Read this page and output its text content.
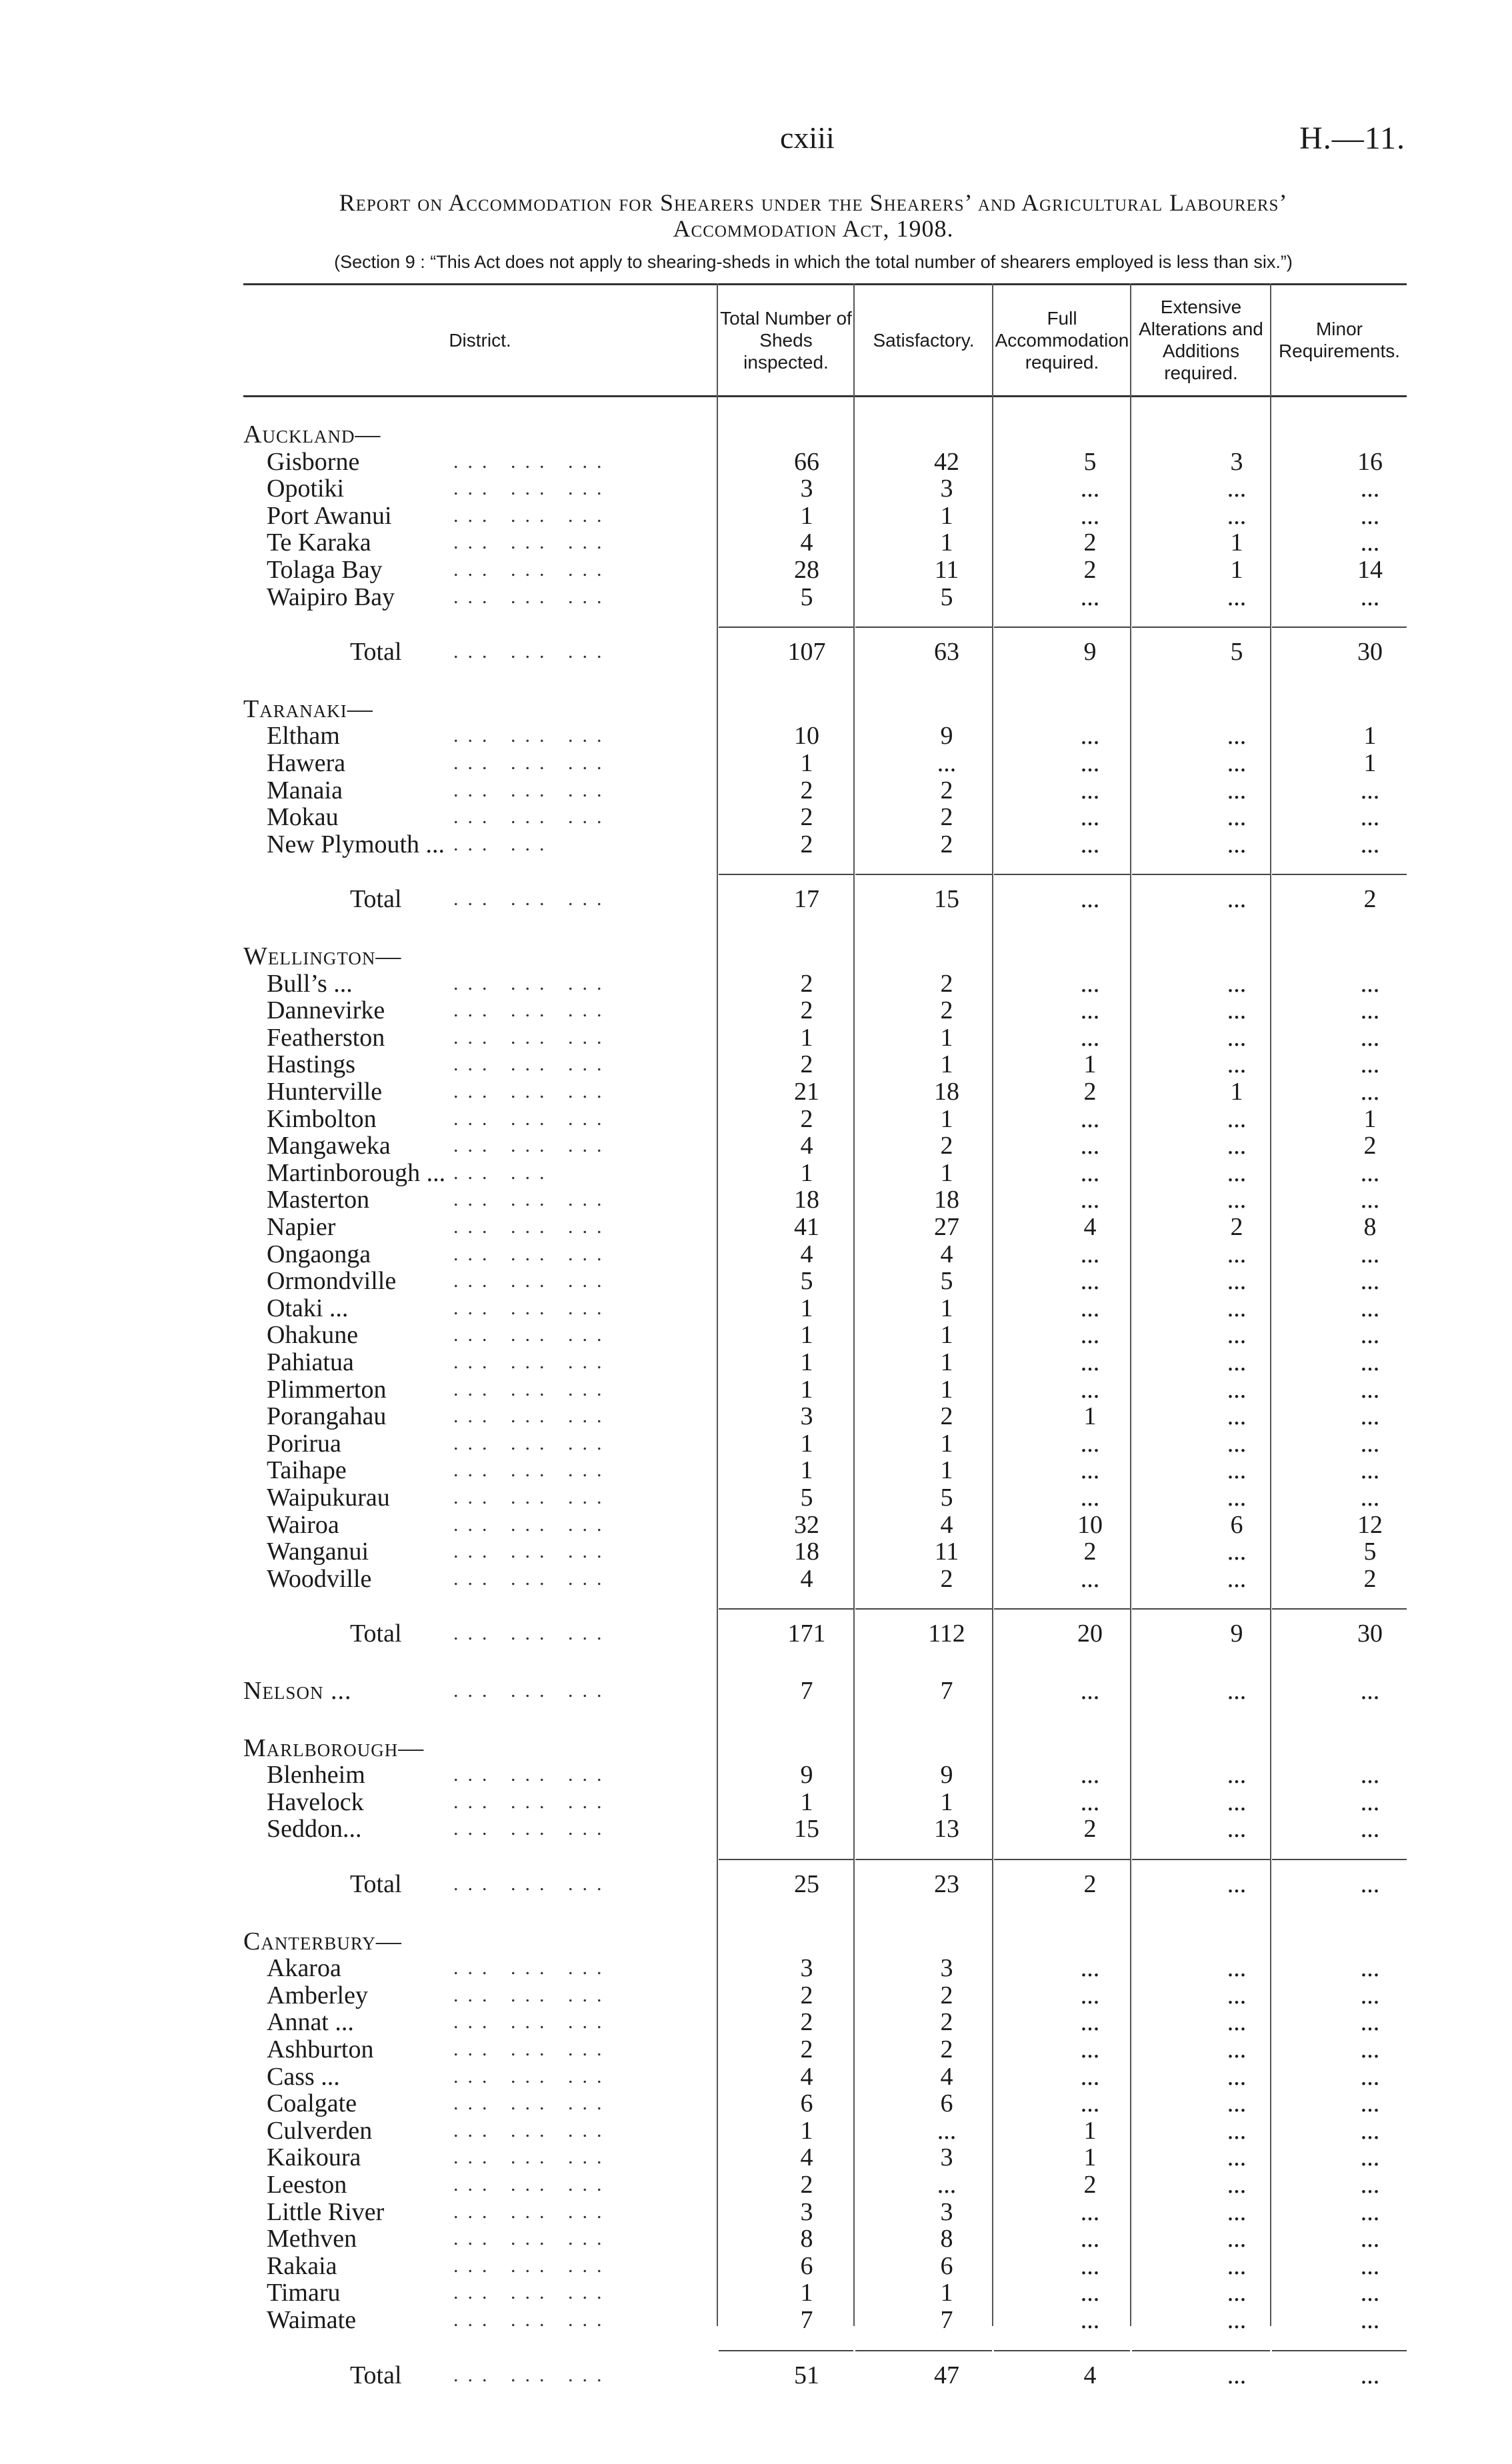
cxiii	H.—11.
Report on Accommodation for Shearers under the Shearers’ and Agricultural Labourers’
Accommodation Act, 1908.
(Section 9 : “This Act does not apply to shearing-sheds in which the total number of shearers employed is less than six.”)
District.
Total Number of Sheds inspected.
Satisfactory.
Full Accommodation required.
Extensive Alterations and Additions required.
Minor Requirements.
Auckland—
Gisborne	... ... ...	66	42	5	3	16
Opotiki	... ... ...	3	3	...	...	...
Port Awanui	... ... ...	1	1	...	...	...
Te Karaka	... ... ...	4	1	2	1	...
Tolaga Bay	... ... ...	28	11	2	1	14
Waipiro Bay	... ... ...	5	5	...	...	...
Total	... ... ...	107	63	9	5	30
Taranaki—
Eltham	... ... ...	10	9	...	...	1
Hawera	... ... ...	1	...	...	...	1
Manaia	... ... ...	2	2	...	...	...
Mokau	... ... ...	2	2	...	...	...
New Plymouth ... ... ...	2	2	...	...	...
Total	... ... ...	17	15	...	...	2
Wellington—
Bull’s ...	... ... ...	2	2	...	...	...
Dannevirke	... ... ...	2	2	...	...	...
Featherston	... ... ...	1	1	...	...	...
Hastings	... ... ...	2	1	1	...	...
Hunterville	... ... ...	21	18	2	1	...
Kimbolton	... ... ...	2	1	...	...	1
Mangaweka	... ... ...	4	2	...	...	2
Martinborough ... ... ...	1	1	...	...	...
Masterton	... ... ...	18	18	...	...	...
Napier	... ... ...	41	27	4	2	8
Ongaonga	... ... ...	4	4	...	...	...
Ormondville	... ... ...	5	5	...	...	...
Otaki ...	... ... ...	1	1	...	...	...
Ohakune	... ... ...	1	1	...	...	...
Pahiatua	... ... ...	1	1	...	...	...
Plimmerton	... ... ...	1	1	...	...	...
Porangahau	... ... ...	3	2	1	...	...
Porirua	... ... ...	1	1	...	...	...
Taihape	... ... ...	1	1	...	...	...
Waipukurau	... ... ...	5	5	...	...	...
Wairoa	... ... ...	32	4	10	6	12
Wanganui	... ... ...	18	11	2	...	5
Woodville	... ... ...	4	2	...	...	2
Total	... ... ...	171	112	20	9	30
Nelson ...	... ... ...	7	7	...	...	...
Marlborough—
Blenheim	... ... ...	9	9	...	...	...
Havelock	... ... ...	1	1	...	...	...
Seddon...	... ... ...	15	13	2	...	...
Total	... ... ...	25	23	2	...	...
Canterbury—
Akaroa	... ... ...	3	3	...	...	...
Amberley	... ... ...	2	2	...	...	...
Annat ...	... ... ...	2	2	...	...	...
Ashburton	... ... ...	2	2	...	...	...
Cass ...	... ... ...	4	4	...	...	...
Coalgate	... ... ...	6	6	...	...	...
Culverden	... ... ...	1	...	1	...	...
Kaikoura	... ... ...	4	3	1	...	...
Leeston	... ... ...	2	...	2	...	...
Little River	... ... ...	3	3	...	...	...
Methven	... ... ...	8	8	...	...	...
Rakaia	... ... ...	6	6	...	...	...
Timaru	... ... ...	1	1	...	...	...
Waimate	... ... ...	7	7	...	...	...
Total	... ... ...	51	47	4	...	...
